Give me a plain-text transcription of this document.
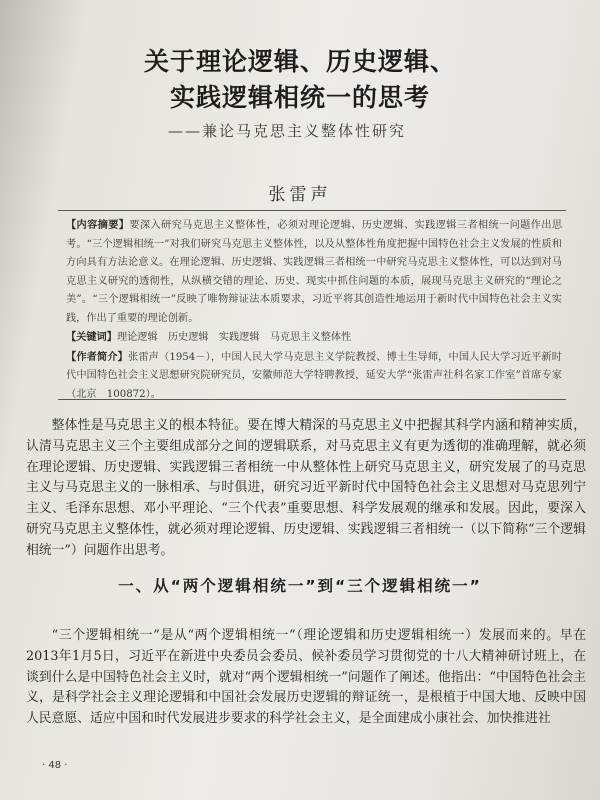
关于理论逻辑、历史逻辑、
实践逻辑相统一的思考
——兼论马克思主义整体性研究
张雷声
【内容摘要】要深入研究马克思主义整体性，必须对理论逻辑、历史逻辑、实践逻辑三者相统一问题作出思考。“三个逻辑相统一”对我们研究马克思主义整体性，以及从整体性角度把握中国特色社会主义发展的性质和方向具有方法论意义。在理论逻辑、历史逻辑、实践逻辑三者相统一中研究马克思主义整体性，可以达到对马克思主义研究的透彻性，从纵横交错的理论、历史、现实中抓住问题的本质，展现马克思主义研究的“理论之美”。“三个逻辑相统一”反映了唯物辩证法本质要求，习近平将其创造性地运用于新时代中国特色社会主义实践，作出了重要的理论创新。
【关键词】理论逻辑　历史逻辑　实践逻辑　马克思主义整体性
【作者简介】张雷声（1954－），中国人民大学马克思主义学院教授、博士生导师，中国人民大学习近平新时代中国特色社会主义思想研究院研究员，安徽师范大学特聘教授，延安大学“张雷声社科名家工作室”首席专家（北京　100872）。
整体性是马克思主义的根本特征。要在博大精深的马克思主义中把握其科学内涵和精神实质，认清马克思主义三个主要组成部分之间的逻辑联系，对马克思主义有更为透彻的准确理解，就必须在理论逻辑、历史逻辑、实践逻辑三者相统一中从整体性上研究马克思主义，研究发展了的马克思主义与马克思主义的一脉相承、与时俱进，研究习近平新时代中国特色社会主义思想对马克思列宁主义、毛泽东思想、邓小平理论、“三个代表”重要思想、科学发展观的继承和发展。因此，要深入研究马克思主义整体性，就必须对理论逻辑、历史逻辑、实践逻辑三者相统一（以下简称“三个逻辑相统一”）问题作出思考。
一、从“两个逻辑相统一”到“三个逻辑相统一”
“三个逻辑相统一”是从“两个逻辑相统一”（理论逻辑和历史逻辑相统一）发展而来的。早在2013年1月5日，习近平在新进中央委员会委员、候补委员学习贯彻党的十八大精神研讨班上，在谈到什么是中国特色社会主义时，就对“两个逻辑相统一”问题作了阐述。他指出：“中国特色社会主义，是科学社会主义理论逻辑和中国社会发展历史逻辑的辩证统一，是根植于中国大地、反映中国人民意愿、适应中国和时代发展进步要求的科学社会主义，是全面建成小康社会、加快推进社
· 48 ·
